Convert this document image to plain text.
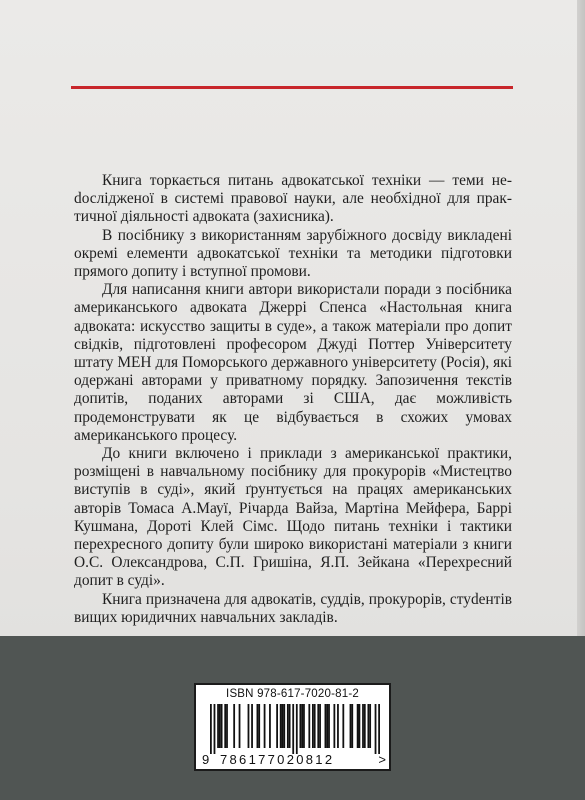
Книга торкається питань адвокатської техніки — теми неdослідженої в системі правової науки, але необхідної для практичної діяльності адвоката (захисника).

В посібнику з використанням зарубіжного досвіду викладені окремі елементи адвокатської техніки та методики підготовки прямого допиту і вступної промови.

Для написання книги автори використали поради з посібника американського адвоката Джеррі Спенса «Настольная книга адвоката: искусство защиты в суде», а також матеріали про допит свідків, підготовлені професором Джуді Поттер Університету штату МЕН для Поморського державного університету (Росія), які одержані авторами у приватному порядку. Запозичення текстів допитів, поданих авторами зі США, дає можливість продемонструвати як це відбувається в схожих умовах американського процесу.

До книги включено і приклади з американської практики, розміщені в навчальному посібнику для прокурорів «Мистецтво виступів в суді», який ґрунтується на працях американських авторів Томаса А.Мауї, Річарда Вайза, Мартіна Мейфера, Баррі Кушмана, Дороті Клей Сімс. Щодо питань техніки і тактики перехресного допиту були широко використані матеріали з книги О.С. Олександрова, С.П. Гришіна, Я.П. Зейкана «Перехресний допит в суді».

Книга призначена для адвокатів, суддів, прокурорів, стуdентів вищих юридичних навчальних закладів.

ISBN 978-617-7020-81-2
9 786177020812	>
